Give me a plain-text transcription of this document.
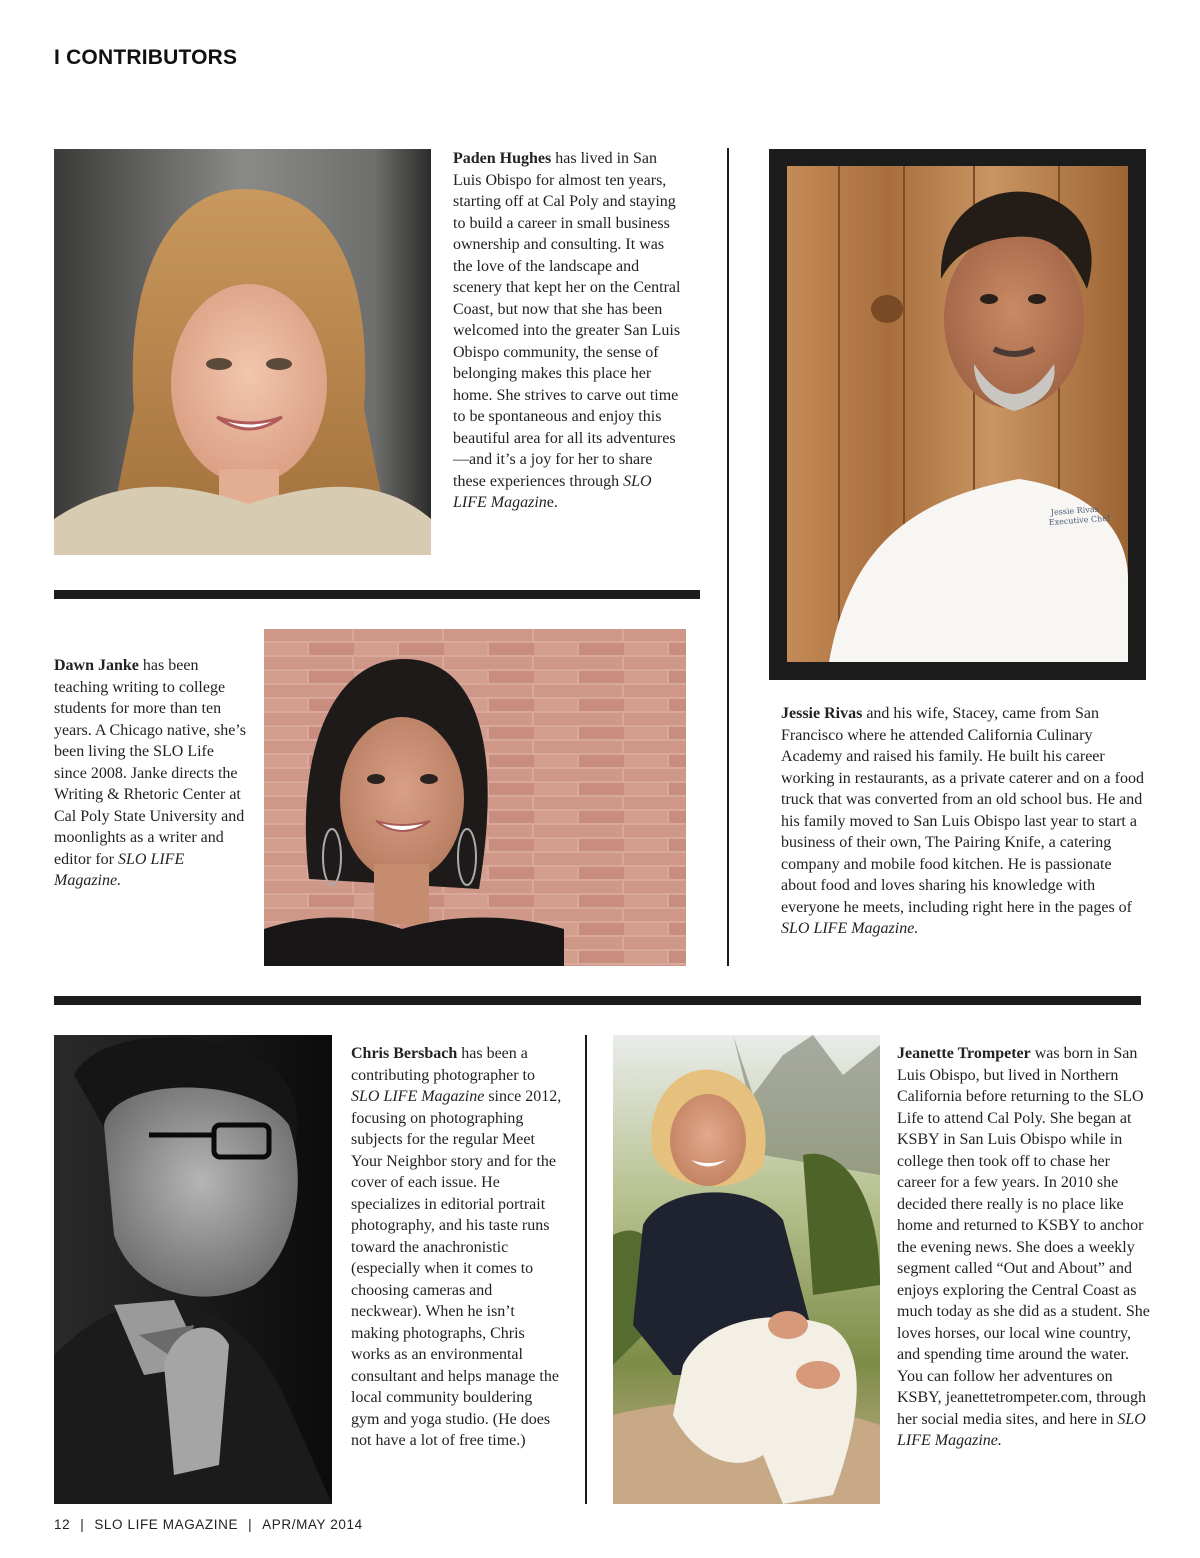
I CONTRIBUTORS
Paden Hughes has lived in San Luis Obispo for almost ten years, starting off at Cal Poly and staying to build a career in small business ownership and consulting. It was the love of the landscape and scenery that kept her on the Central Coast, but now that she has been welcomed into the greater San Luis Obispo community, the sense of belonging makes this place her home. She strives to carve out time to be spontaneous and enjoy this beautiful area for all its adventures—and it’s a joy for her to share these experiences through SLO LIFE Magazine.	Jessie Rivas
Executive Chef
Dawn Janke has been teaching writing to college students for more than ten years. A Chicago native, she’s been living the SLO Life since 2008. Janke directs the Writing & Rhetoric Center at Cal Poly State University and moonlights as a writer and editor for SLO LIFE Magazine.
Jessie Rivas and his wife, Stacey, came from San Francisco where he attended California Culinary Academy and raised his family. He built his career working in restaurants, as a private caterer and on a food truck that was converted from an old school bus. He and his family moved to San Luis Obispo last year to start a business of their own, The Pairing Knife, a catering company and mobile food kitchen. He is passionate about food and loves sharing his knowledge with everyone he meets, including right here in the pages of SLO LIFE Magazine.
Chris Bersbach has been a contributing photographer to SLO LIFE Magazine since 2012, focusing on photographing subjects for the regular Meet Your Neighbor story and for the cover of each issue. He specializes in editorial portrait photography, and his taste runs toward the anachronistic (especially when it comes to choosing cameras and neckwear). When he isn’t making photographs, Chris works as an environmental consultant and helps manage the local community bouldering gym and yoga studio. (He does not have a lot of free time.)
Jeanette Trompeter was born in San Luis Obispo, but lived in Northern California before returning to the SLO Life to attend Cal Poly. She began at KSBY in San Luis Obispo while in college then took off to chase her career for a few years. In 2010 she decided there really is no place like home and returned to KSBY to anchor the evening news. She does a weekly segment called “Out and About” and enjoys exploring the Central Coast as much today as she did as a student. She loves horses, our local wine country, and spending time around the water. You can follow her adventures on KSBY, jeanettetrompeter.com, through her social media sites, and here in SLO LIFE Magazine.
12 | SLO LIFE MAGAZINE | APR/MAY 2014
